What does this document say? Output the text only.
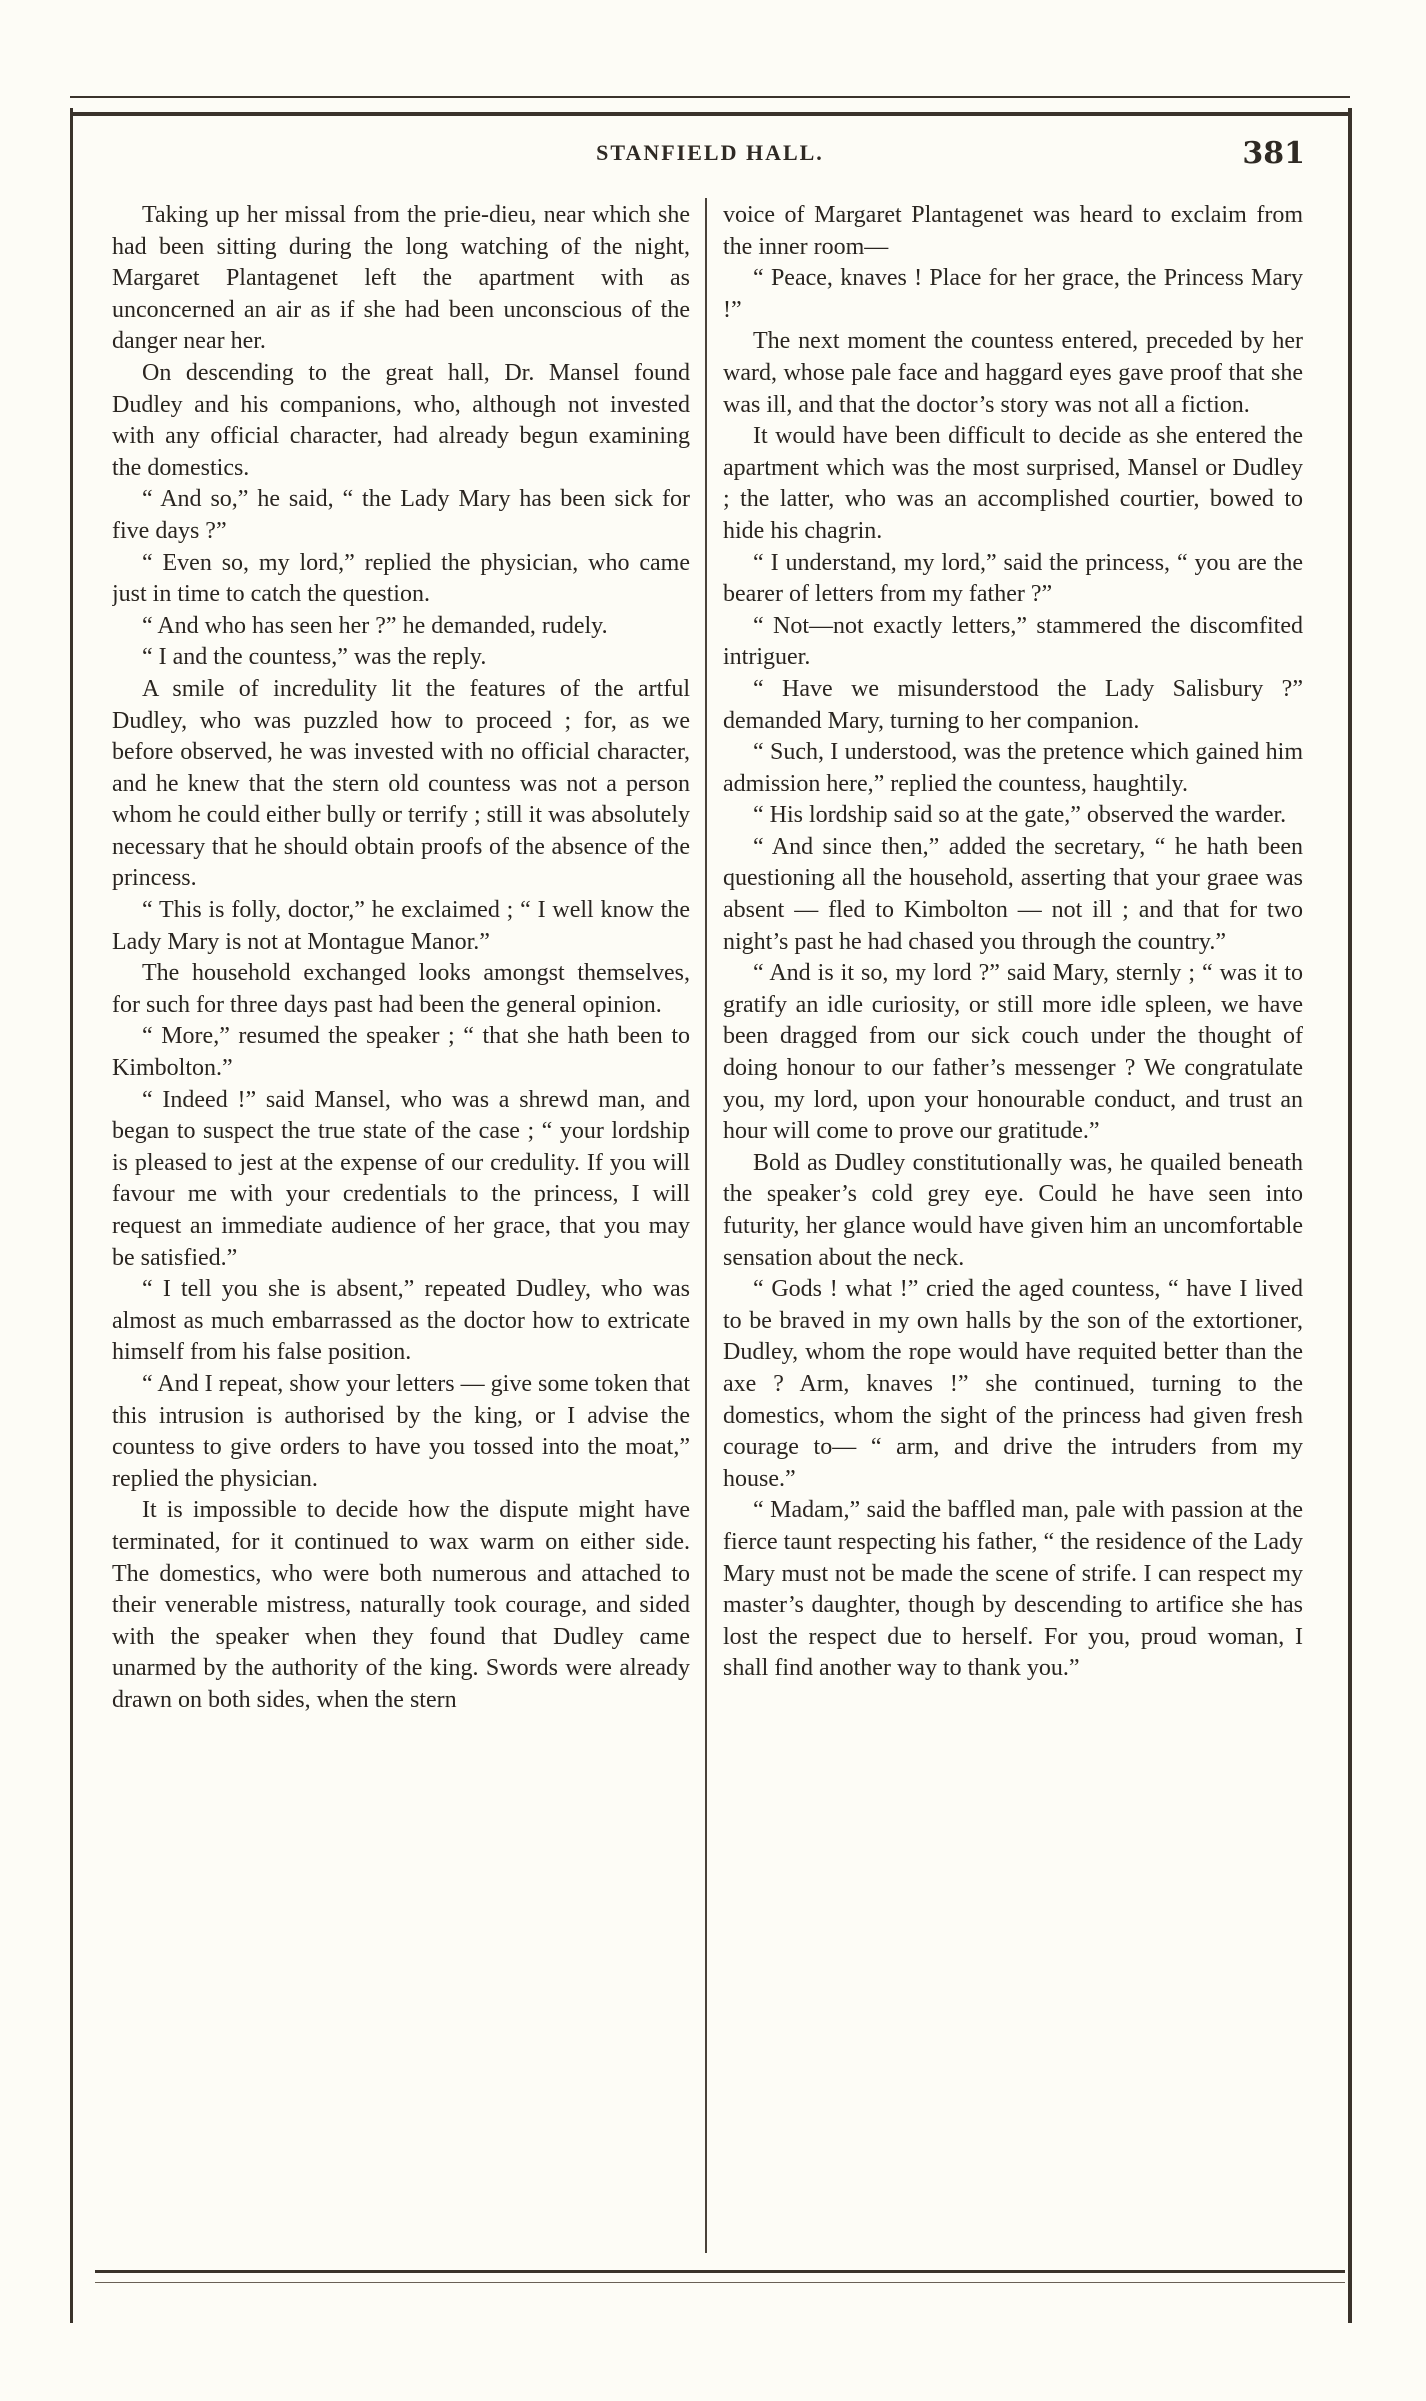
STANFIELD HALL.	381

Taking up her missal from the prie-dieu, near which she had been sitting during the long watching of the night, Margaret Plantagenet left the apartment with as unconcerned an air as if she had been unconscious of the danger near her.

On descending to the great hall, Dr. Mansel found Dudley and his companions, who, although not invested with any official character, had already begun examining the domestics.

“ And so,” he said, “ the Lady Mary has been sick for five days ?”

“ Even so, my lord,” replied the physician, who came just in time to catch the question.

“ And who has seen her ?” he demanded, rudely.

“ I and the countess,” was the reply.

A smile of incredulity lit the features of the artful Dudley, who was puzzled how to proceed ; for, as we before observed, he was invested with no official character, and he knew that the stern old countess was not a person whom he could either bully or terrify ; still it was absolutely necessary that he should obtain proofs of the absence of the princess.

“ This is folly, doctor,” he exclaimed ; “ I well know the Lady Mary is not at Montague Manor.”

The household exchanged looks amongst themselves, for such for three days past had been the general opinion.

“ More,” resumed the speaker ; “ that she hath been to Kimbolton.”

“ Indeed !” said Mansel, who was a shrewd man, and began to suspect the true state of the case ; “ your lordship is pleased to jest at the expense of our credulity. If you will favour me with your credentials to the princess, I will request an immediate audience of her grace, that you may be satisfied.”

“ I tell you she is absent,” repeated Dudley, who was almost as much embarrassed as the doctor how to extricate himself from his false position.

“ And I repeat, show your letters — give some token that this intrusion is authorised by the king, or I advise the countess to give orders to have you tossed into the moat,” replied the physician.

It is impossible to decide how the dispute might have terminated, for it continued to wax warm on either side. The domestics, who were both numerous and attached to their venerable mistress, naturally took courage, and sided with the speaker when they found that Dudley came unarmed by the authority of the king. Swords were already drawn on both sides, when the stern

voice of Margaret Plantagenet was heard to exclaim from the inner room—

“ Peace, knaves ! Place for her grace, the Princess Mary !”

The next moment the countess entered, preceded by her ward, whose pale face and haggard eyes gave proof that she was ill, and that the doctor’s story was not all a fiction.

It would have been difficult to decide as she entered the apartment which was the most surprised, Mansel or Dudley ; the latter, who was an accomplished courtier, bowed to hide his chagrin.

“ I understand, my lord,” said the princess, “ you are the bearer of letters from my father ?”

“ Not—not exactly letters,” stammered the discomfited intriguer.

“ Have we misunderstood the Lady Salisbury ?” demanded Mary, turning to her companion.

“ Such, I understood, was the pretence which gained him admission here,” replied the countess, haughtily.

“ His lordship said so at the gate,” observed the warder.

“ And since then,” added the secretary, “ he hath been questioning all the household, asserting that your graee was absent — fled to Kimbolton — not ill ; and that for two night’s past he had chased you through the country.”

“ And is it so, my lord ?” said Mary, sternly ; “ was it to gratify an idle curiosity, or still more idle spleen, we have been dragged from our sick couch under the thought of doing honour to our father’s messenger ? We congratulate you, my lord, upon your honourable conduct, and trust an hour will come to prove our gratitude.”

Bold as Dudley constitutionally was, he quailed beneath the speaker’s cold grey eye. Could he have seen into futurity, her glance would have given him an uncomfortable sensation about the neck.

“ Gods ! what !” cried the aged countess, “ have I lived to be braved in my own halls by the son of the extortioner, Dudley, whom the rope would have requited better than the axe ? Arm, knaves !” she continued, turning to the domestics, whom the sight of the princess had given fresh courage to— “ arm, and drive the intruders from my house.”

“ Madam,” said the baffled man, pale with passion at the fierce taunt respecting his father, “ the residence of the Lady Mary must not be made the scene of strife. I can respect my master’s daughter, though by descending to artifice she has lost the respect due to herself. For you, proud woman, I shall find another way to thank you.”
